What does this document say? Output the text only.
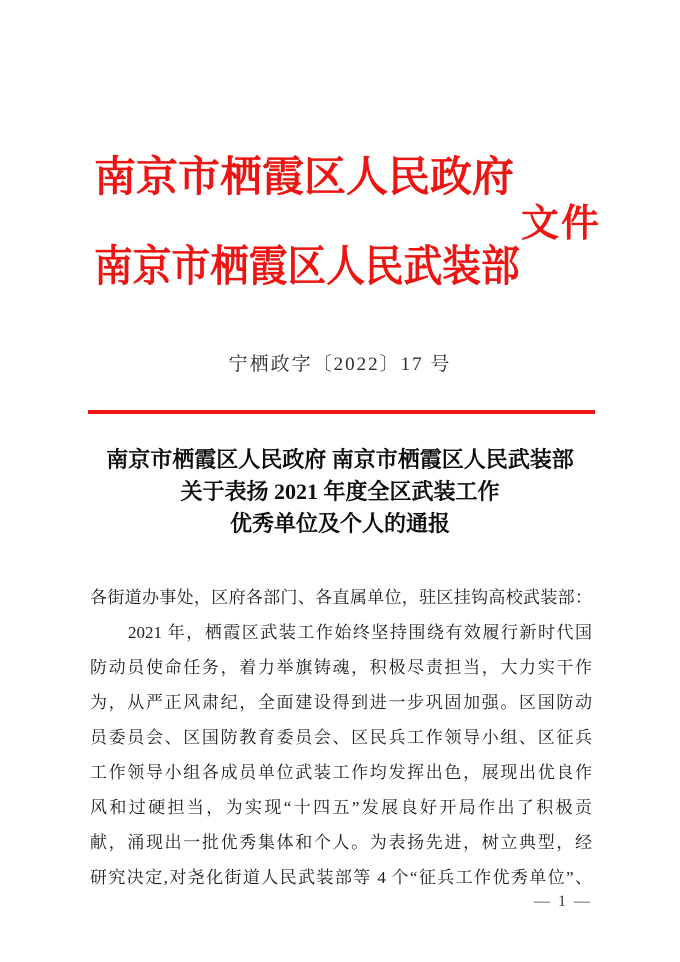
南京市栖霞区人民政府
南京市栖霞区人民武装部
文件
宁栖政字〔2022〕17 号
南京市栖霞区人民政府 南京市栖霞区人民武装部
关于表扬 2021 年度全区武装工作
优秀单位及个人的通报
各街道办事处，区府各部门、各直属单位，驻区挂钩高校武装部：
2021 年，栖霞区武装工作始终坚持围绕有效履行新时代国
防动员使命任务，着力举旗铸魂，积极尽责担当，大力实干作
为，从严正风肃纪，全面建设得到进一步巩固加强。区国防动
员委员会、区国防教育委员会、区民兵工作领导小组、区征兵
工作领导小组各成员单位武装工作均发挥出色，展现出优良作
风和过硬担当，为实现“十四五”发展良好开局作出了积极贡
献，涌现出一批优秀集体和个人。为表扬先进，树立典型，经
研究决定,对尧化街道人民武装部等 4 个“征兵工作优秀单位”、
— 1 —
